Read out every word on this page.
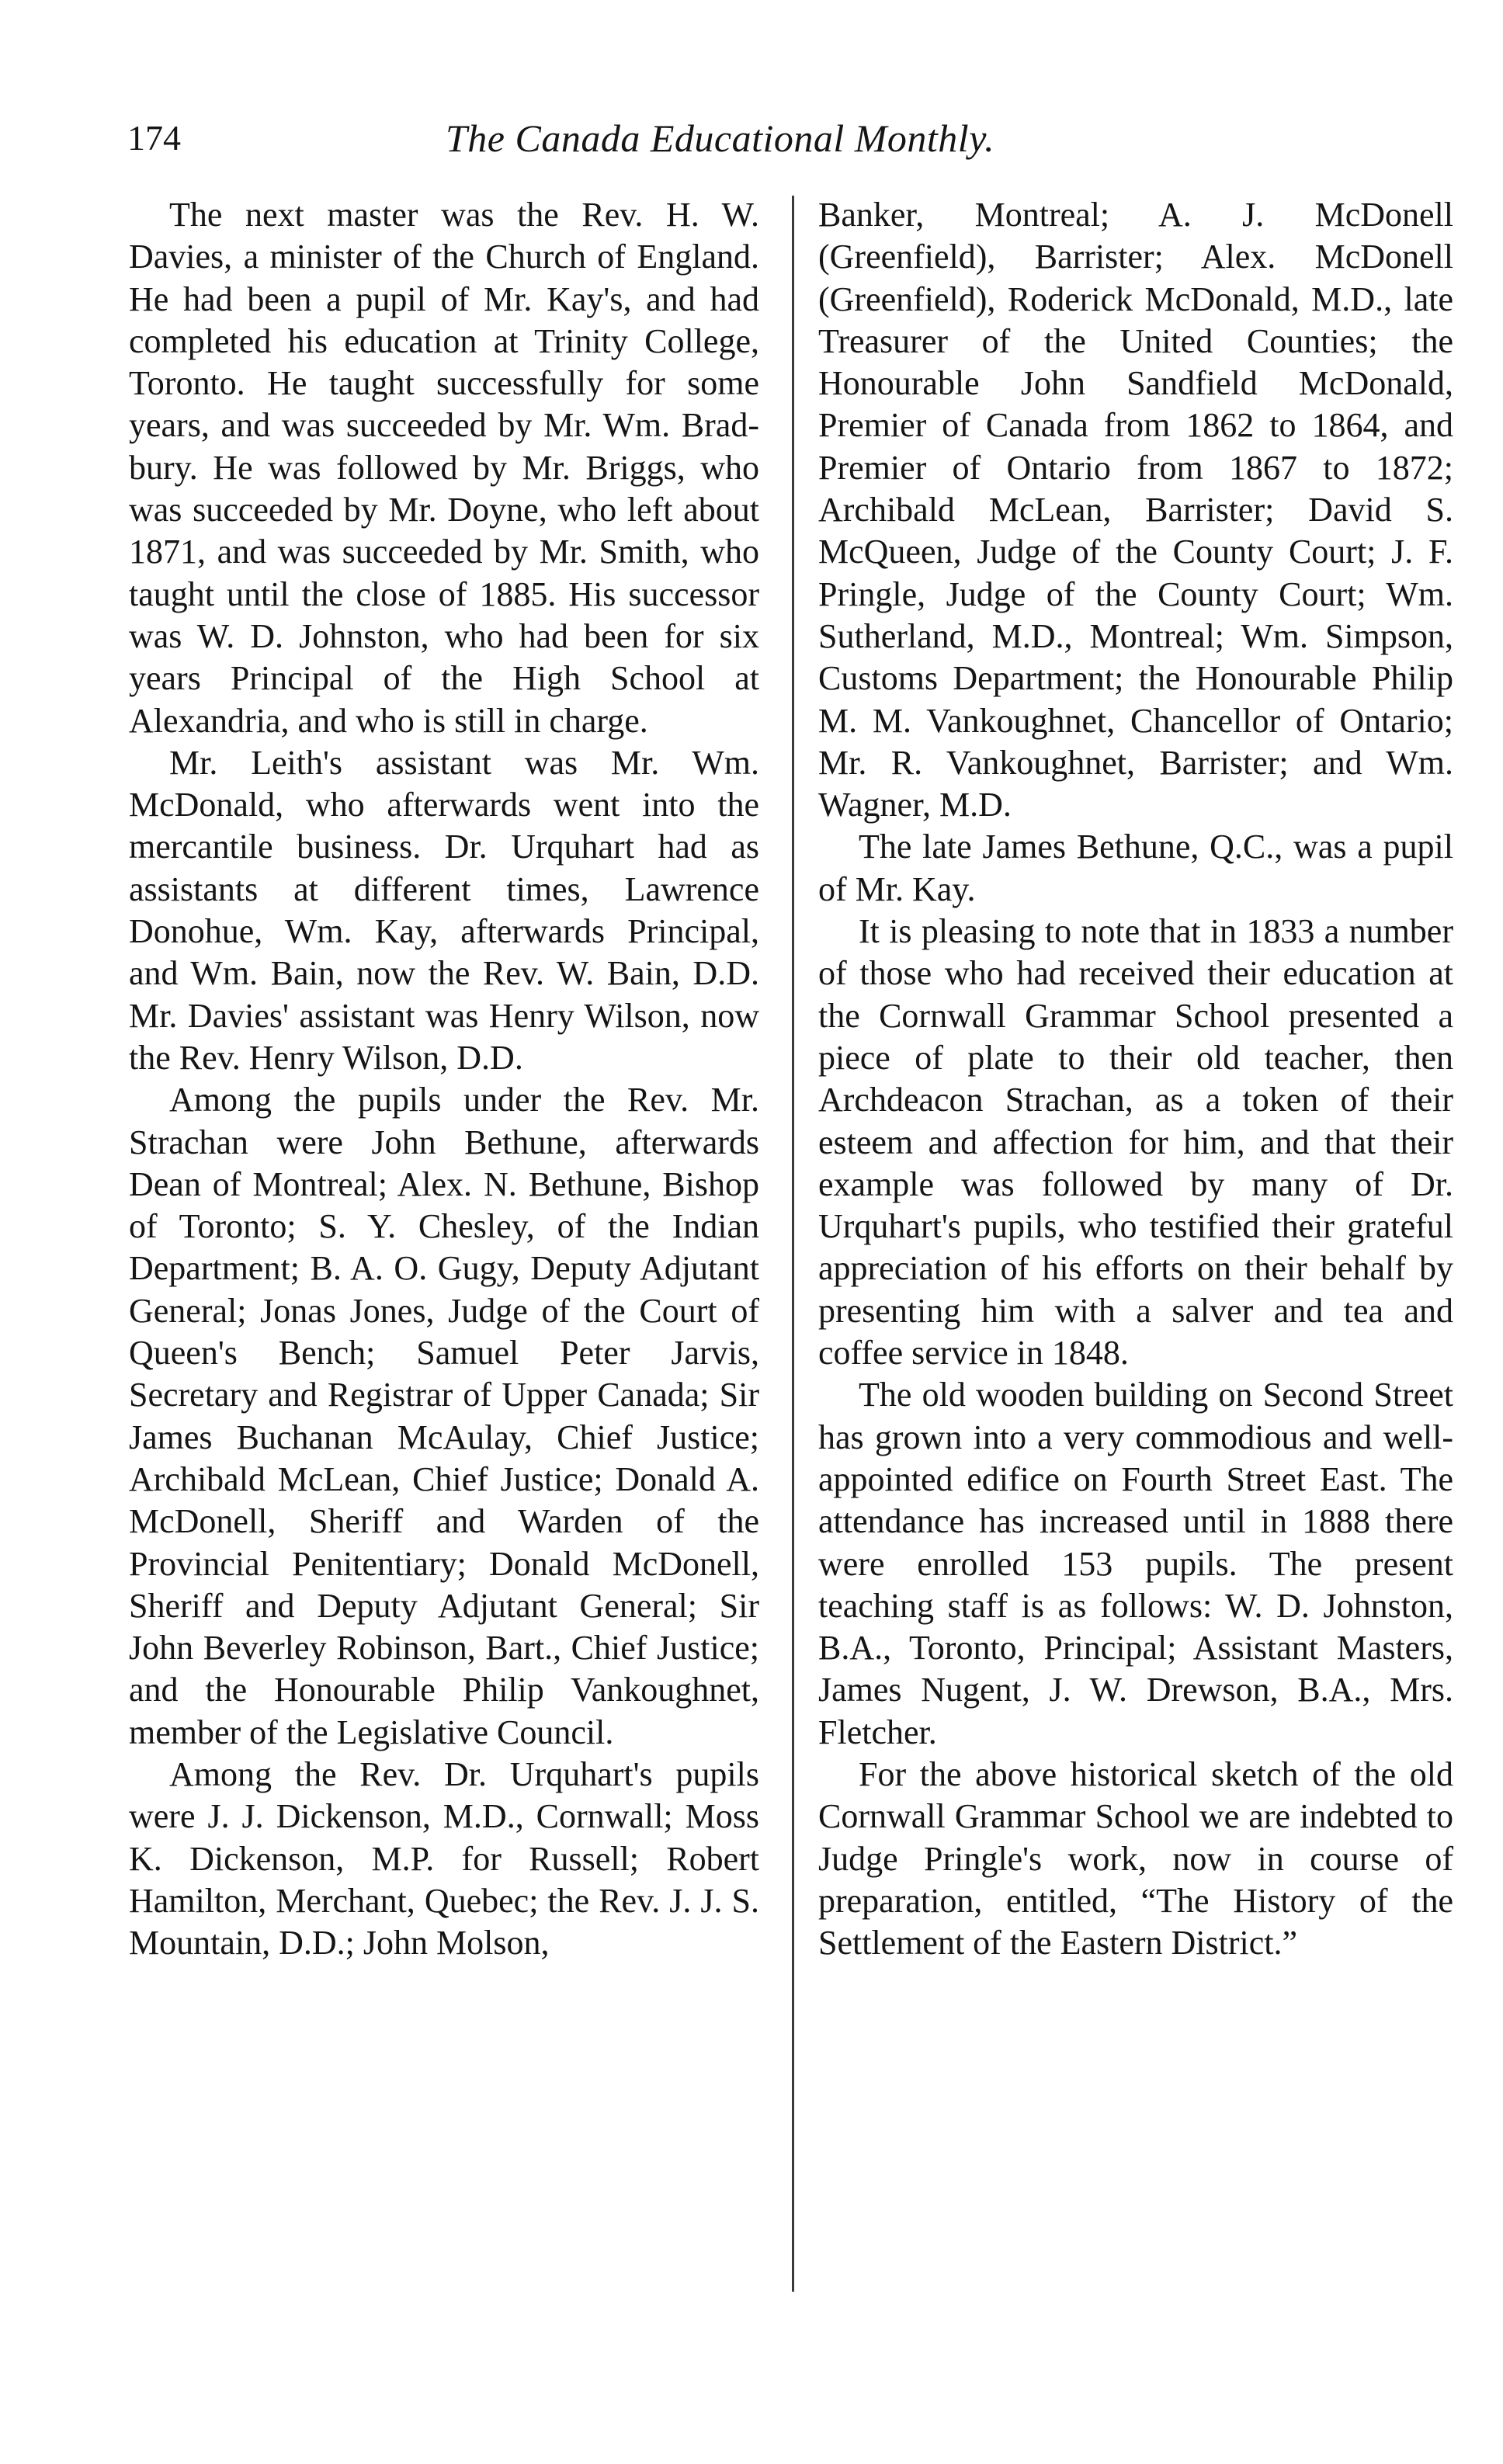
174	The Canada Educational Monthly.

The next master was the Rev. H. W. Davies, a minister of the Church of England. He had been a pupil of Mr. Kay's, and had completed his education at Trinity College, Toronto. He taught successfully for some years, and was succeeded by Mr. Wm. Bradbury. He was followed by Mr. Briggs, who was succeeded by Mr. Doyne, who left about 1871, and was succeeded by Mr. Smith, who taught until the close of 1885. His successor was W. D. Johnston, who had been for six years Principal of the High School at Alexandria, and who is still in charge.

Mr. Leith's assistant was Mr. Wm. McDonald, who afterwards went into the mercantile business. Dr. Urquhart had as assistants at different times, Lawrence Donohue, Wm. Kay, afterwards Principal, and Wm. Bain, now the Rev. W. Bain, D.D. Mr. Davies' assistant was Henry Wilson, now the Rev. Henry Wilson, D.D.

Among the pupils under the Rev. Mr. Strachan were John Bethune, afterwards Dean of Montreal; Alex. N. Bethune, Bishop of Toronto; S. Y. Chesley, of the Indian Department; B. A. O. Gugy, Deputy Adjutant General; Jonas Jones, Judge of the Court of Queen's Bench; Samuel Peter Jarvis, Secretary and Registrar of Upper Canada; Sir James Buchanan McAulay, Chief Justice; Archibald McLean, Chief Justice; Donald A. McDonell, Sheriff and Warden of the Provincial Penitentiary; Donald McDonell, Sheriff and Deputy Adjutant General; Sir John Beverley Robinson, Bart., Chief Justice; and the Honourable Philip Vankoughnet, member of the Legislative Council.

Among the Rev. Dr. Urquhart's pupils were J. J. Dickenson, M.D., Cornwall; Moss K. Dickenson, M.P. for Russell; Robert Hamilton, Merchant, Quebec; the Rev. J. J. S. Mountain, D.D.; John Molson,

Banker, Montreal; A. J. McDonell (Greenfield), Barrister; Alex. McDonell (Greenfield), Roderick McDonald, M.D., late Treasurer of the United Counties; the Honourable John Sandfield McDonald, Premier of Canada from 1862 to 1864, and Premier of Ontario from 1867 to 1872; Archibald McLean, Barrister; David S. McQueen, Judge of the County Court; J. F. Pringle, Judge of the County Court; Wm. Sutherland, M.D., Montreal; Wm. Simpson, Customs Department; the Honourable Philip M. M. Vankoughnet, Chancellor of Ontario; Mr. R. Vankoughnet, Barrister; and Wm. Wagner, M.D.

The late James Bethune, Q.C., was a pupil of Mr. Kay.

It is pleasing to note that in 1833 a number of those who had received their education at the Cornwall Grammar School presented a piece of plate to their old teacher, then Archdeacon Strachan, as a token of their esteem and affection for him, and that their example was followed by many of Dr. Urquhart's pupils, who testified their grateful appreciation of his efforts on their behalf by presenting him with a salver and tea and coffee service in 1848.

The old wooden building on Second Street has grown into a very commodious and well-appointed edifice on Fourth Street East. The attendance has increased until in 1888 there were enrolled 153 pupils. The present teaching staff is as follows: W. D. Johnston, B.A., Toronto, Principal; Assistant Masters, James Nugent, J. W. Drewson, B.A., Mrs. Fletcher.

For the above historical sketch of the old Cornwall Grammar School we are indebted to Judge Pringle's work, now in course of preparation, entitled, “The History of the Settlement of the Eastern District.”
